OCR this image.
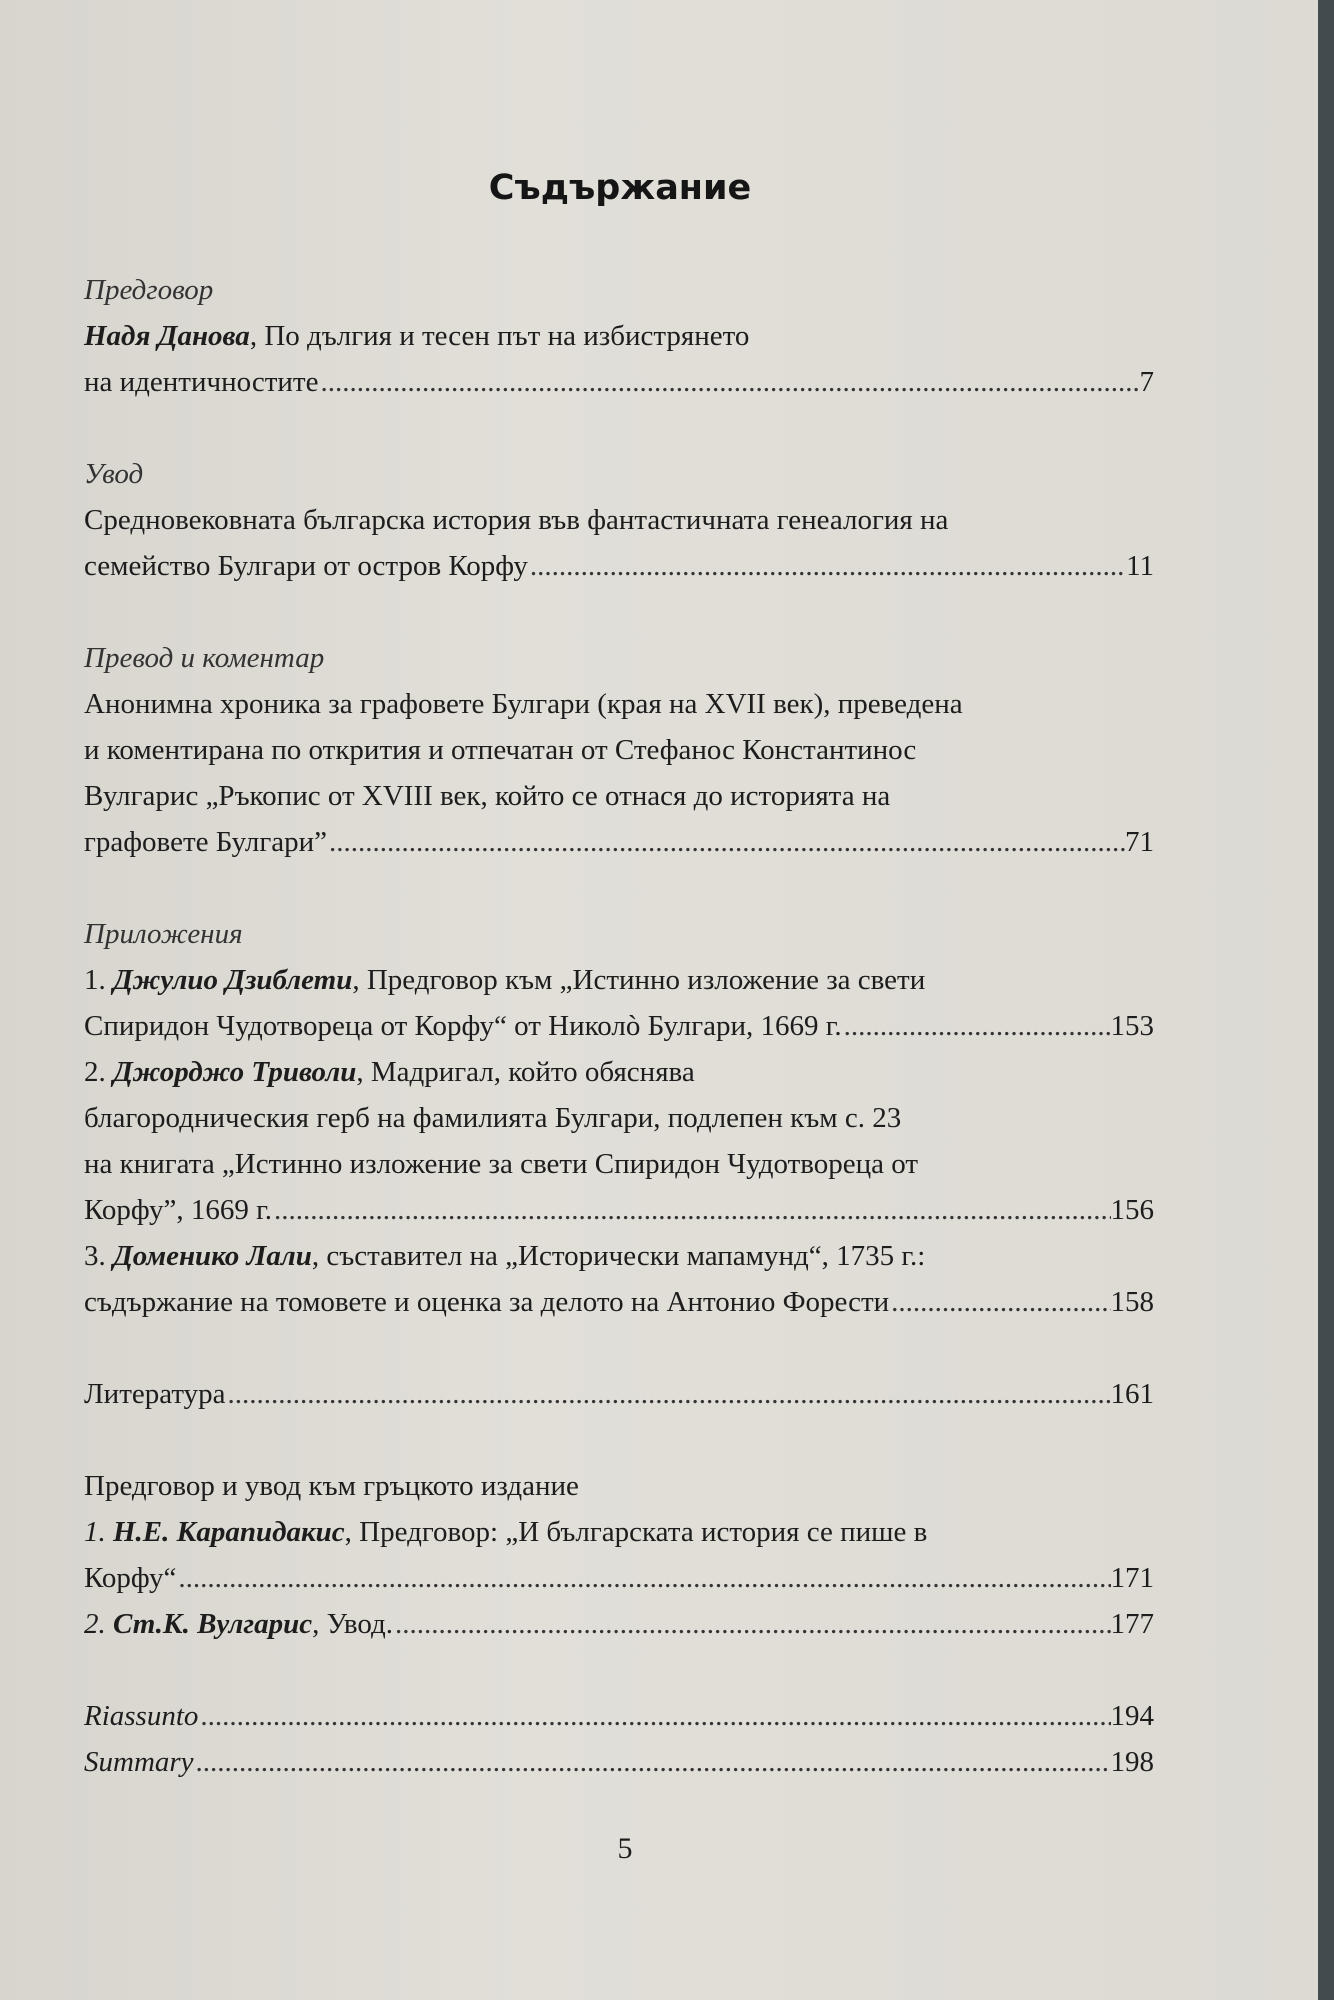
Съдържание
Предговор
Надя Данова, По дългия и тесен път на избистрянето
на идентичностите .....	7
Увод
Средновековната българска история във фантастичната генеалогия на
семейство Булгари от остров Корфу .....	11
Превод и коментар
Анонимна хроника за графовете Булгари (края на XVII век), преведена
и коментирана по открития и отпечатан от Стефанос Константинос
Вулгарис „Ръкопис от XVIII век, който се отнася до историята на
графовете Булгари” .....	71
Приложения
1. Джулио Дзиблети, Предговор към „Истинно изложение за свети
Спиридон Чудотвореца от Корфу“ от Николò Булгари, 1669 г. .....	153
2. Джорджо Триволи, Мадригал, който обяснява
благородническия герб на фамилията Булгари, подлепен към с. 23
на книгата „Истинно изложение за свети Спиридон Чудотвореца от
Корфу”, 1669 г. .....	156
3. Доменико Лали, съставител на „Исторически мапамунд“, 1735 г.:
съдържание на томовете и оценка за делото на Антонио Форести .....	158
Литература .....	161
Предговор и увод към гръцкото издание
1. Н.Е. Карапидакис, Предговор: „И българската история се пише в
Корфу“ .....	171
2. Ст.К. Вулгарис, Увод. .....	177
Riassunto .....	194
Summary .....	198
5
